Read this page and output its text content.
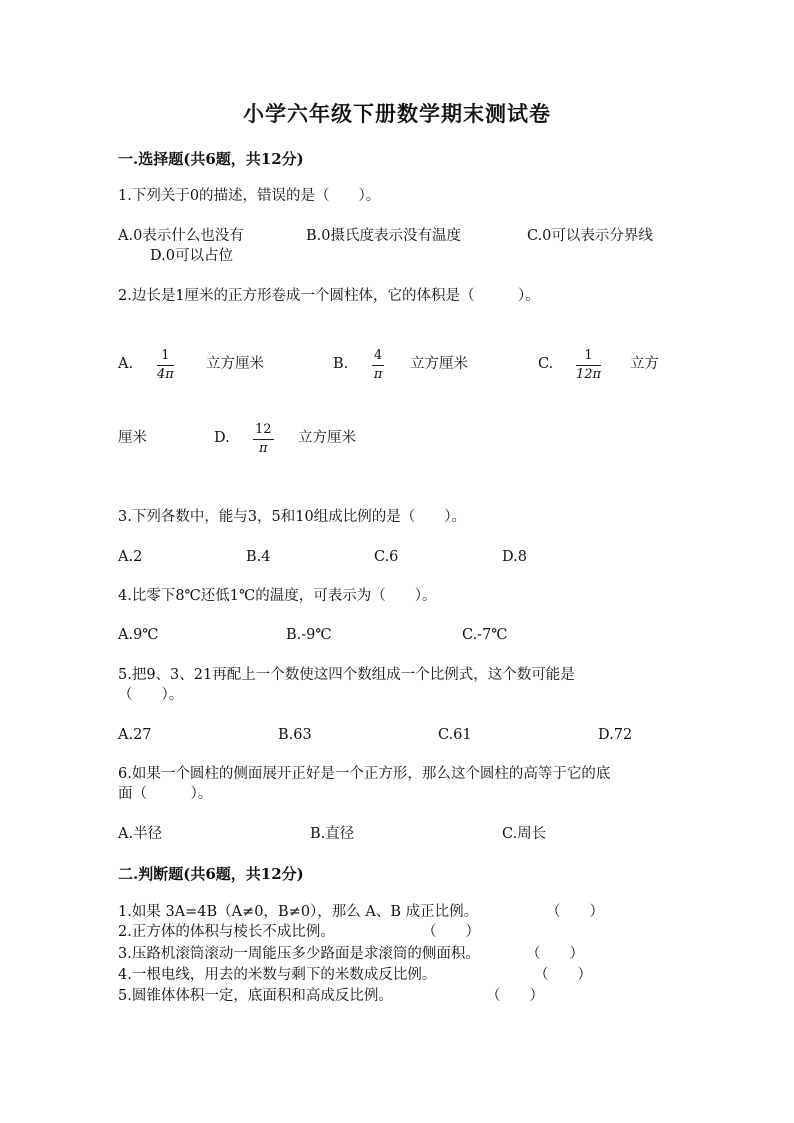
小学六年级下册数学期末测试卷
一.选择题(共6题，共12分)
1.下列关于0的描述，错误的是（　　）。
A.0表示什么也没有	B.0摄氏度表示没有温度	C.0可以表示分界线
D.0可以占位
2.边长是1厘米的正方形卷成一个圆柱体，它的体积是（　　　）。
A. $\frac{1}{4\pi}$ 立方厘米	B. $\frac{4}{\pi}$ 立方厘米	C. $\frac{1}{12\pi}$ 立方
厘米	D. $\frac{12}{\pi}$ 立方厘米
3.下列各数中，能与3，5和10组成比例的是（　　）。
A.2	B.4	C.6	D.8
4.比零下8℃还低1℃的温度，可表示为（　　）。
A.9℃	B.-9℃	C.-7℃
5.把9、3、21再配上一个数使这四个数组成一个比例式，这个数可能是
（　　）。
A.27	B.63	C.61	D.72
6.如果一个圆柱的侧面展开正好是一个正方形，那么这个圆柱的高等于它的底
面（　　　）。
A.半径	B.直径	C.周长
二.判断题(共6题，共12分)
1.如果 3A=4B（A≠0，B≠0），那么 A、B 成正比例。	（　　）
2.正方体的体积与棱长不成比例。	（　　）
3.压路机滚筒滚动一周能压多少路面是求滚筒的侧面积。	（　　）
4.一根电线，用去的米数与剩下的米数成反比例。	（　　）
5.圆锥体体积一定，底面积和高成反比例。	（　　）
